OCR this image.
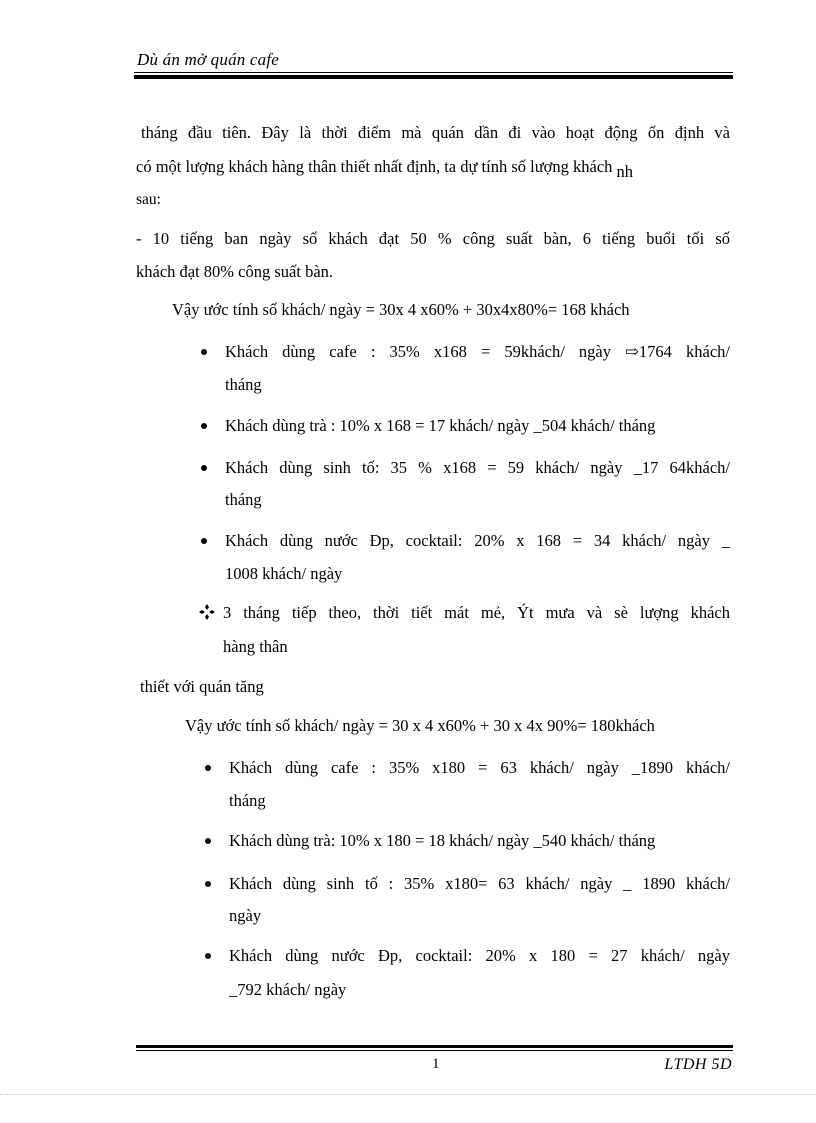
Dù án mở quán cafe
tháng đầu tiên. Đây là thời điểm mà quán dần đi vào hoạt động ổn định và
có một lượng khách hàng thân thiết nhất định, ta dự tính số lượng khách nh
sau:
- 10 tiếng ban ngày số khách đạt 50 % công suất bàn, 6 tiếng buổi tối số
khách đạt 80% công suất bàn.
Vậy ước tính số khách/ ngày = 30x 4 x60% + 30x4x80%= 168 khách
Khách dùng cafe : 35% x168 = 59khách/ ngày ⇨1764 khách/
tháng
Khách dùng trà : 10% x 168 = 17 khách/ ngày _504 khách/ tháng
Khách dùng sinh tố: 35 % x168 = 59 khách/ ngày _17 64khách/
tháng
Khách dùng nước Đp, cocktail: 20% x 168 = 34 khách/ ngày _
1008 khách/ ngày
3 tháng tiếp theo, thời tiết mát mẻ, Ýt mưa và sè lượng khách
hàng thân
thiết với quán tăng
Vậy ước tính số khách/ ngày = 30 x 4 x60% + 30 x 4x 90%= 180khách
Khách dùng cafe : 35% x180 = 63 khách/ ngày _1890 khách/
tháng
Khách dùng trà: 10% x 180 = 18 khách/ ngày _540 khách/ tháng
Khách dùng sinh tố : 35% x180= 63 khách/ ngày _ 1890 khách/
ngày
Khách dùng nước Đp, cocktail: 20% x 180 = 27 khách/ ngày
_792 khách/ ngày
1	LTDH 5D
